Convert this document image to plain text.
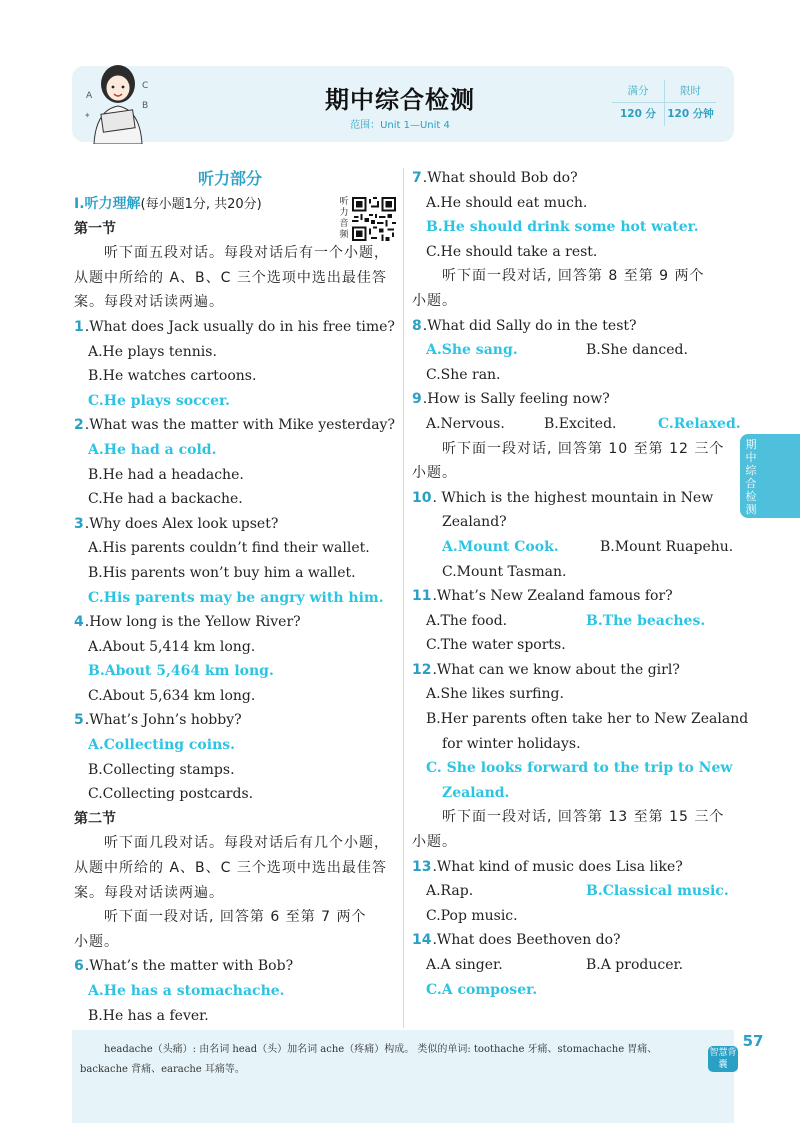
A
C
B
✦
期中综合检测
范围：Unit 1—Unit 4
满分	限时
120 分	120 分钟
听力部分
Ⅰ.听力理解(每小题1分, 共20分)
第一节
听下面五段对话。每段对话后有一个小题，
从题中所给的 A、B、C 三个选项中选出最佳答
案。每段对话读两遍。
1.What does Jack usually do in his free time?
A.He plays tennis.
B.He watches cartoons.
C.He plays soccer.
2.What was the matter with Mike yesterday?
A.He had a cold.
B.He had a headache.
C.He had a backache.
3.Why does Alex look upset?
A.His parents couldn’t find their wallet.
B.His parents won’t buy him a wallet.
C.His parents may be angry with him.
4.How long is the Yellow River?
A.About 5,414 km long.
B.About 5,464 km long.
C.About 5,634 km long.
5.What’s John’s hobby?
A.Collecting coins.
B.Collecting stamps.
C.Collecting postcards.
第二节
听下面几段对话。每段对话后有几个小题，
从题中所给的 A、B、C 三个选项中选出最佳答
案。每段对话读两遍。
听下面一段对话, 回答第 6 至第 7 两个
小题。
6.What’s the matter with Bob?
A.He has a stomachache.
B.He has a fever.
听力音频
7.What should Bob do?
A.He should eat much.
B.He should drink some hot water.
C.He should take a rest.
听下面一段对话, 回答第 8 至第 9 两个
小题。
8.What did Sally do in the test?
A.She sang.	B.She danced.
C.She ran.
9.How is Sally feeling now?
A.Nervous.	B.Excited.	C.Relaxed.
听下面一段对话, 回答第 10 至第 12 三个
小题。
10. Which is the highest mountain in New
Zealand?
A.Mount Cook.	B.Mount Ruapehu.
C.Mount Tasman.
11.What’s New Zealand famous for?
A.The food.	B.The beaches.
C.The water sports.
12.What can we know about the girl?
A.She likes surfing.
B.Her parents often take her to New Zealand
for winter holidays.
C. She looks forward to the trip to New
Zealand.
听下面一段对话, 回答第 13 至第 15 三个
小题。
13.What kind of music does Lisa like?
A.Rap.	B.Classical music.
C.Pop music.
14.What does Beethoven do?
A.A singer.	B.A producer.
C.A composer.
期中综合检测
headache（头痛）: 由名词 head（头）加名词 ache（疼痛）构成。 类似的单词: toothache 牙痛、stomachache 胃痛、
backache 背痛、earache 耳痛等。
智慧背囊
57
